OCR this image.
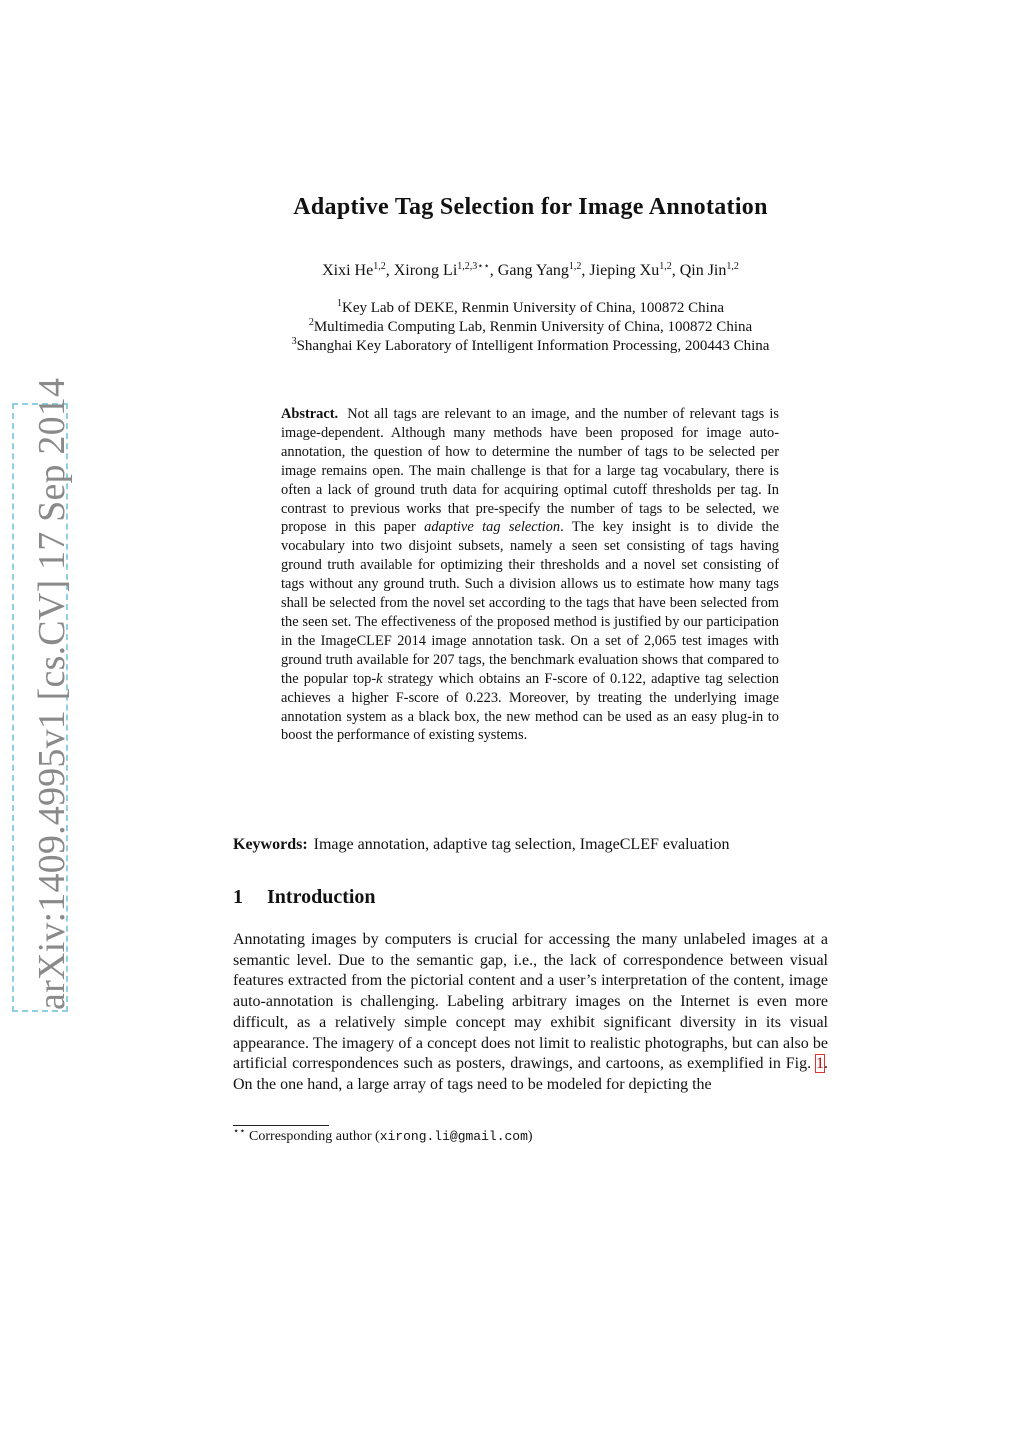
arXiv:1409.4995v1 [cs.CV] 17 Sep 2014
Adaptive Tag Selection for Image Annotation
Xixi He$^{1,2}$, Xirong $Li^{1,2,3⋆⋆}$, Gang Yang$^{1,2}$, Jieping Xu$^{1,2}$, Qin Jin$^{1,2}$
$^1$Key Lab of DEKE, Renmin University of China, 100872 China
$^2$Multimedia Computing Lab, Renmin University of China, 100872 China
$^3$Shanghai Key Laboratory of Intelligent Information Processing, 200443 China
Abstract. Not all tags are relevant to an image, and the number of relevant tags is image-dependent. Although many methods have been proposed for image auto-annotation, the question of how to determine the number of tags to be selected per image remains open. The main challenge is that for a large tag vocabulary, there is often a lack of ground truth data for acquiring optimal cutoff thresholds per tag. In contrast to previous works that pre-specify the number of tags to be selected, we propose in this paper adaptive tag selection. The key insight is to divide the vocabulary into two disjoint subsets, namely a seen set consisting of tags having ground truth available for optimizing their thresholds and a novel set consisting of tags without any ground truth. Such a division allows us to estimate how many tags shall be selected from the novel set according to the tags that have been selected from the seen set. The effectiveness of the proposed method is justified by our participation in the ImageCLEF 2014 image annotation task. On a set of 2,065 test images with ground truth available for 207 tags, the benchmark evaluation shows that compared to the popular top-k strategy which obtains an F-score of 0.122, adaptive tag selection achieves a higher F-score of 0.223. Moreover, by treating the underlying image annotation system as a black box, the new method can be used as an easy plug-in to boost the performance of existing systems.
Keywords: Image annotation, adaptive tag selection, ImageCLEF evaluation
1 Introduction
Annotating images by computers is crucial for accessing the many unlabeled images at a semantic level. Due to the semantic gap, i.e., the lack of correspondence between visual features extracted from the pictorial content and a user’s interpretation of the content, image auto-annotation is challenging. Labeling arbitrary images on the Internet is even more difficult, as a relatively simple concept may exhibit significant diversity in its visual appearance. The imagery of a concept does not limit to realistic photographs, but can also be artificial correspondences such as posters, drawings, and cartoons, as exemplified in Fig. 1. On the one hand, a large array of tags need to be modeled for depicting the
⋆⋆ Corresponding author (xirong.li@gmail.com)
